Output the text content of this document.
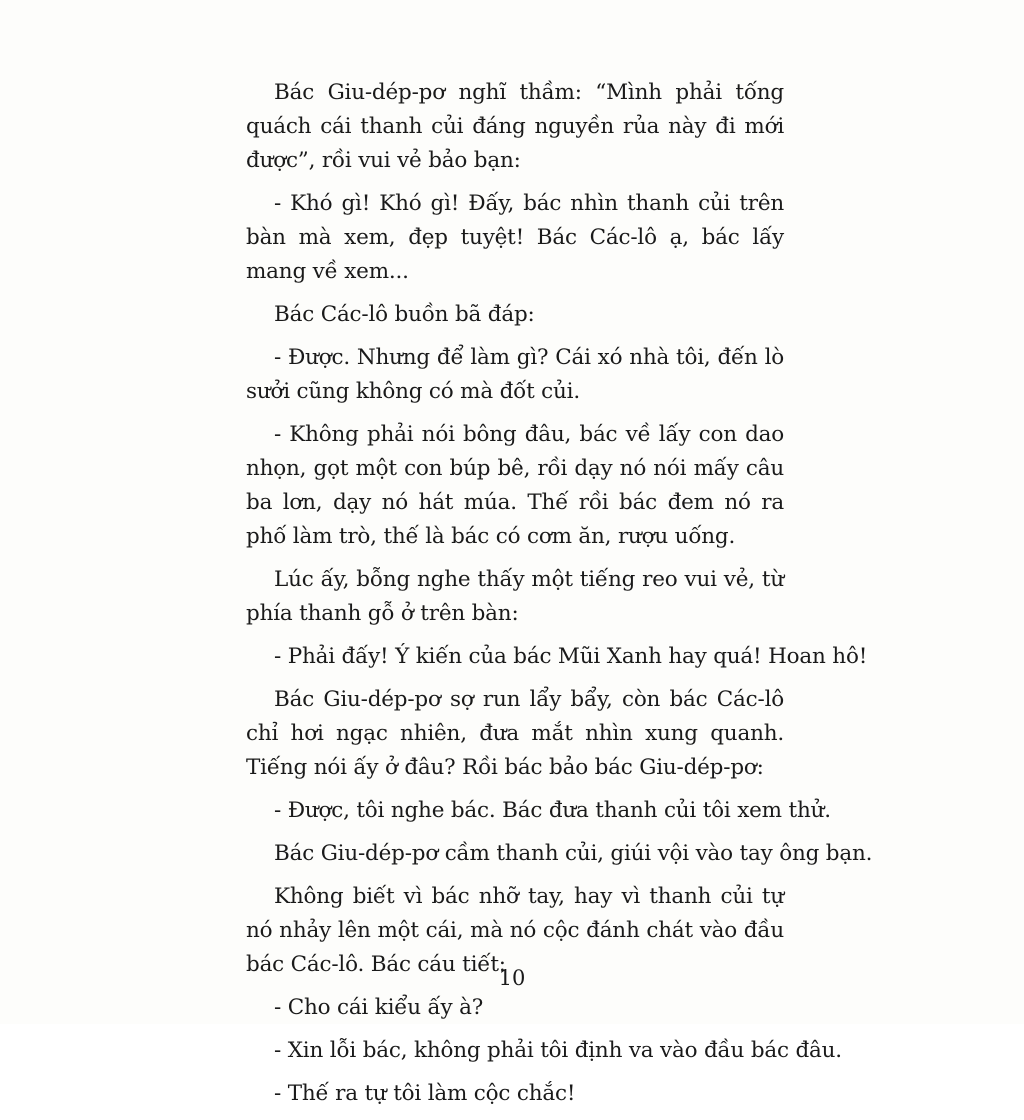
Bác Giu-dép-pơ nghĩ thầm: “Mình phải tống quách cái thanh củi đáng nguyền rủa này đi mới được”, rồi vui vẻ bảo bạn:

- Khó gì! Khó gì! Đấy, bác nhìn thanh củi trên bàn mà xem, đẹp tuyệt! Bác Các-lô ạ, bác lấy mang về xem...

Bác Các-lô buồn bã đáp:

- Được. Nhưng để làm gì? Cái xó nhà tôi, đến lò sưởi cũng không có mà đốt củi.

- Không phải nói bông đâu, bác về lấy con dao nhọn, gọt một con búp bê, rồi dạy nó nói mấy câu ba lơn, dạy nó hát múa. Thế rồi bác đem nó ra phố làm trò, thế là bác có cơm ăn, rượu uống.

Lúc ấy, bỗng nghe thấy một tiếng reo vui vẻ, từ phía thanh gỗ ở trên bàn:

- Phải đấy! Ý kiến của bác Mũi Xanh hay quá! Hoan hô!

Bác Giu-dép-pơ sợ run lẩy bẩy, còn bác Các-lô chỉ hơi ngạc nhiên, đưa mắt nhìn xung quanh. Tiếng nói ấy ở đâu? Rồi bác bảo bác Giu-dép-pơ:

- Được, tôi nghe bác. Bác đưa thanh củi tôi xem thử.

Bác Giu-dép-pơ cầm thanh củi, giúi vội vào tay ông bạn.

Không biết vì bác nhỡ tay, hay vì thanh củi tự nó nhảy lên một cái, mà nó cộc đánh chát vào đầu bác Các-lô. Bác cáu tiết:

- Cho cái kiểu ấy à?

- Xin lỗi bác, không phải tôi định va vào đầu bác đâu.

- Thế ra tự tôi làm cộc chắc!

10
